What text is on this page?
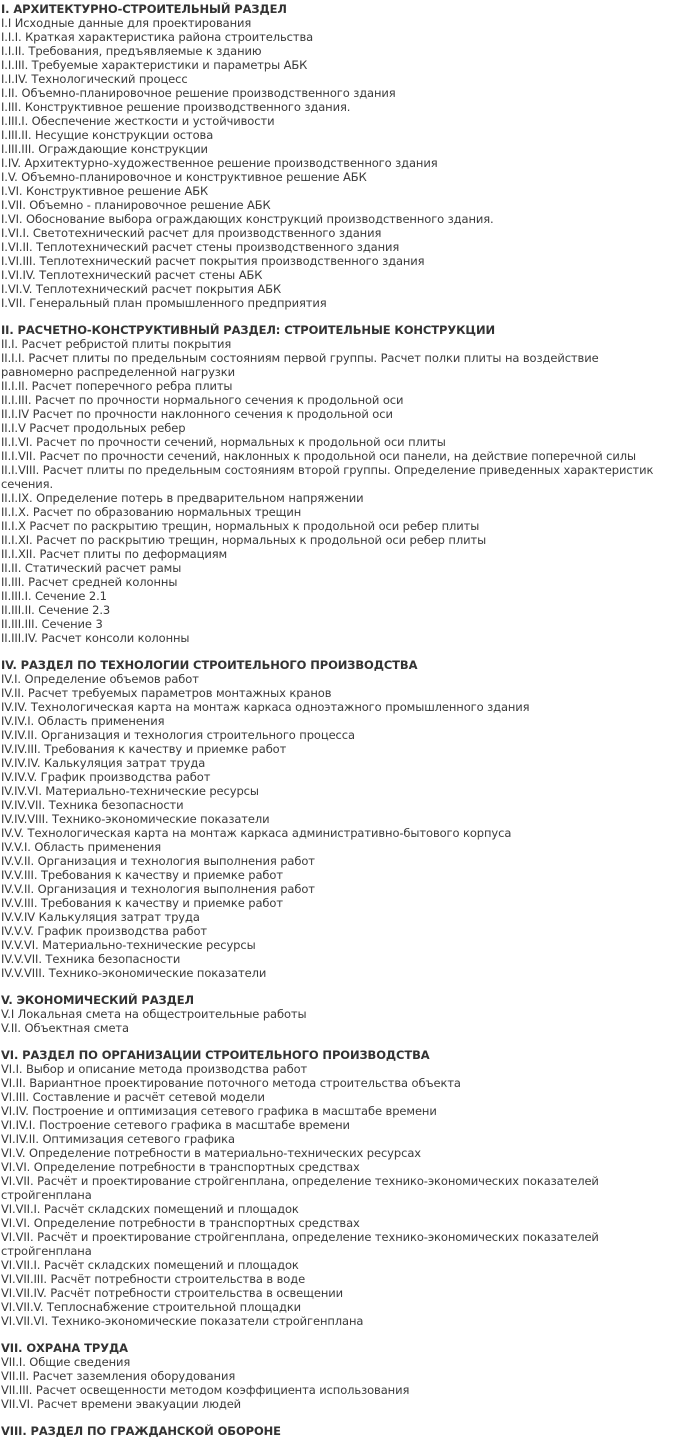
I. АРХИТЕКТУРНО-СТРОИТЕЛЬНЫЙ РАЗДЕЛ
I.I Исходные данные для проектирования
I.I.I. Краткая характеристика района строительства
I.I.II. Требования, предъявляемые к зданию
I.I.III. Требуемые характеристики и параметры АБК
I.I.IV. Технологический процесс
I.II. Объемно-планировочное решение производственного здания
I.III. Конструктивное решение производственного здания.
I.III.I. Обеспечение жесткости и устойчивости
I.III.II. Несущие конструкции остова
I.III.III. Ограждающие конструкции
I.IV. Архитектурно-художественное решение производственного здания
I.V. Объемно-планировочное и конструктивное решение АБК
I.VI. Конструктивное решение АБК
I.VII. Объемно - планировочное решение АБК
I.VI. Обоснование выбора ограждающих конструкций производственного здания.
I.VI.I. Светотехнический расчет для производственного здания
I.VI.II. Теплотехнический расчет стены производственного здания
I.VI.III. Теплотехнический расчет покрытия производственного здания
I.VI.IV. Теплотехнический расчет стены АБК
I.VI.V. Теплотехнический расчет покрытия АБК
I.VII. Генеральный план промышленного предприятия
II. РАСЧЕТНО-КОНСТРУКТИВНЫЙ РАЗДЕЛ: СТРОИТЕЛЬНЫЕ КОНСТРУКЦИИ
II.I. Расчет ребристой плиты покрытия
II.I.I. Расчет плиты по предельным состояниям первой группы. Расчет полки плиты на воздействие равномерно распределенной нагрузки
II.I.II. Расчет поперечного ребра плиты
II.I.III. Расчет по прочности нормального сечения к продольной оси
II.I.IV Расчет по прочности наклонного сечения к продольной оси
II.I.V Расчет продольных ребер
II.I.VI. Расчет по прочности сечений, нормальных к продольной оси плиты
II.I.VII. Расчет по прочности сечений, наклонных к продольной оси панели, на действие поперечной силы
II.I.VIII. Расчет плиты по предельным состояниям второй группы. Определение приведенных характеристик сечения.
II.I.IX. Определение потерь в предварительном напряжении
II.I.X. Расчет по образованию нормальных трещин
II.I.X Расчет по раскрытию трещин, нормальных к продольной оси ребер плиты
II.I.XI. Расчет по раскрытию трещин, нормальных к продольной оси ребер плиты
II.I.XII. Расчет плиты по деформациям
II.II. Статический расчет рамы
II.III. Расчет средней колонны
II.III.I. Сечение 2.1
II.III.II. Сечение 2.3
II.III.III. Сечение 3
II.III.IV. Расчет консоли колонны
IV. РАЗДЕЛ ПО ТЕХНОЛОГИИ СТРОИТЕЛЬНОГО ПРОИЗВОДСТВА
IV.I. Определение объемов работ
IV.II. Расчет требуемых параметров монтажных кранов
IV.IV. Технологическая карта на монтаж каркаса одноэтажного промышленного здания
IV.IV.I. Область применения
IV.IV.II. Организация и технология строительного процесса
IV.IV.III. Требования к качеству и приемке работ
IV.IV.IV. Калькуляция затрат труда
IV.IV.V. График производства работ
IV.IV.VI. Материально-технические ресурсы
IV.IV.VII. Техника безопасности
IV.IV.VIII. Технико-экономические показатели
IV.V. Технологическая карта на монтаж каркаса административно-бытового корпуса
IV.V.I. Область применения
IV.V.II. Организация и технология выполнения работ
IV.V.III. Требования к качеству и приемке работ
IV.V.II. Организация и технология выполнения работ
IV.V.III. Требования к качеству и приемке работ
IV.V.IV Калькуляция затрат труда
IV.V.V. График производства работ
IV.V.VI. Материально-технические ресурсы
IV.V.VII. Техника безопасности
IV.V.VIII. Технико-экономические показатели
V. ЭКОНОМИЧЕСКИЙ РАЗДЕЛ
V.I Локальная смета на общестроительные работы
V.II. Объектная смета
VI. РАЗДЕЛ ПО ОРГАНИЗАЦИИ СТРОИТЕЛЬНОГО ПРОИЗВОДСТВА
VI.I. Выбор и описание метода производства работ
VI.II. Вариантное проектирование поточного метода строительства объекта
VI.III. Составление и расчёт сетевой модели
VI.IV. Построение и оптимизация сетевого графика в масштабе времени
VI.IV.I. Построение сетевого графика в масштабе времени
VI.IV.II. Оптимизация сетевого графика
VI.V. Определение потребности в материально-технических ресурсах
VI.VI. Определение потребности в транспортных средствах
VI.VII. Расчёт и проектирование стройгенплана, определение технико-экономических показателей стройгенплана
VI.VII.I. Расчёт складских помещений и площадок
VI.VI. Определение потребности в транспортных средствах
VI.VII. Расчёт и проектирование стройгенплана, определение технико-экономических показателей стройгенплана
VI.VII.I. Расчёт складских помещений и площадок
VI.VII.III. Расчёт потребности строительства в воде
VI.VII.IV. Расчёт потребности строительства в освещении
VI.VII.V. Теплоснабжение строительной площадки
VI.VII.VI. Технико-экономические показатели стройгенплана
VII. ОХРАНА ТРУДА
VII.I. Общие сведения
VII.II. Расчет заземления оборудования
VII.III. Расчет освещенности методом коэффициента использования
VII.VI. Расчет времени эвакуации людей
VIII. РАЗДЕЛ ПО ГРАЖДАНСКОЙ ОБОРОНЕ
